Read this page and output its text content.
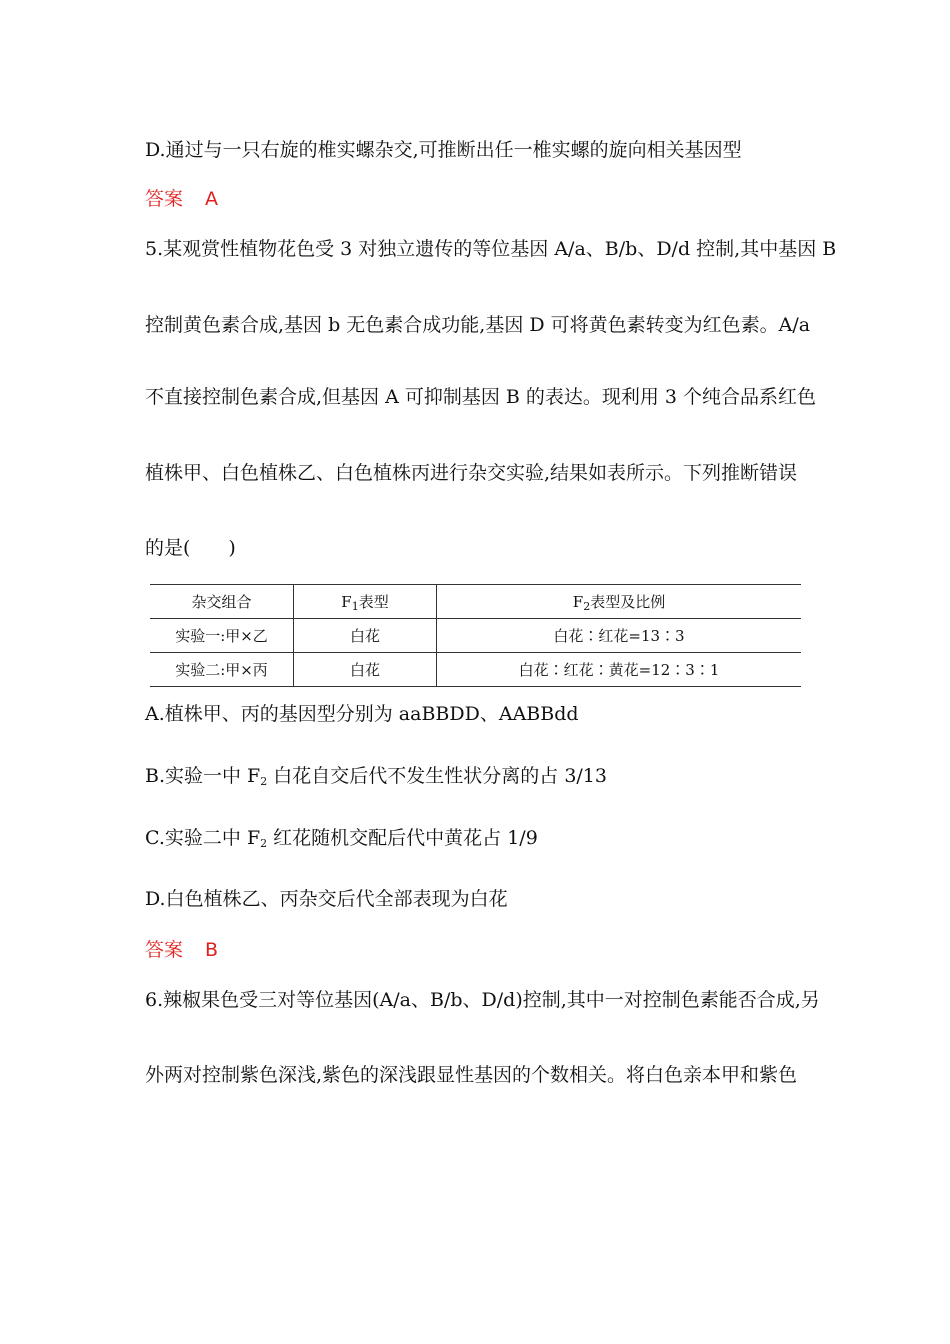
D.通过与一只右旋的椎实螺杂交,可推断出任一椎实螺的旋向相关基因型
答案 A
5.某观赏性植物花色受 3 对独立遗传的等位基因 A/a、B/b、D/d 控制,其中基因 B
控制黄色素合成,基因 b 无色素合成功能,基因 D 可将黄色素转变为红色素。A/a
不直接控制色素合成,但基因 A 可抑制基因 B 的表达。现利用 3 个纯合品系红色
植株甲、白色植株乙、白色植株丙进行杂交实验,结果如表所示。下列推断错误
的是(　　)
杂交组合	$F_1$表型	$F_2$表型及比例
实验一:甲×乙	白花	白花∶红花=13∶3
实验二:甲×丙	白花	白花∶红花∶黄花=12∶3∶1
A.植株甲、丙的基因型分别为 aaBBDD、AABBdd
B.实验一中 $F_2$ 白花自交后代不发生性状分离的占 3/13
C.实验二中 $F_2$ 红花随机交配后代中黄花占 1/9
D.白色植株乙、丙杂交后代全部表现为白花
答案 B
6.辣椒果色受三对等位基因(A/a、B/b、D/d)控制,其中一对控制色素能否合成,另
外两对控制紫色深浅,紫色的深浅跟显性基因的个数相关。将白色亲本甲和紫色
